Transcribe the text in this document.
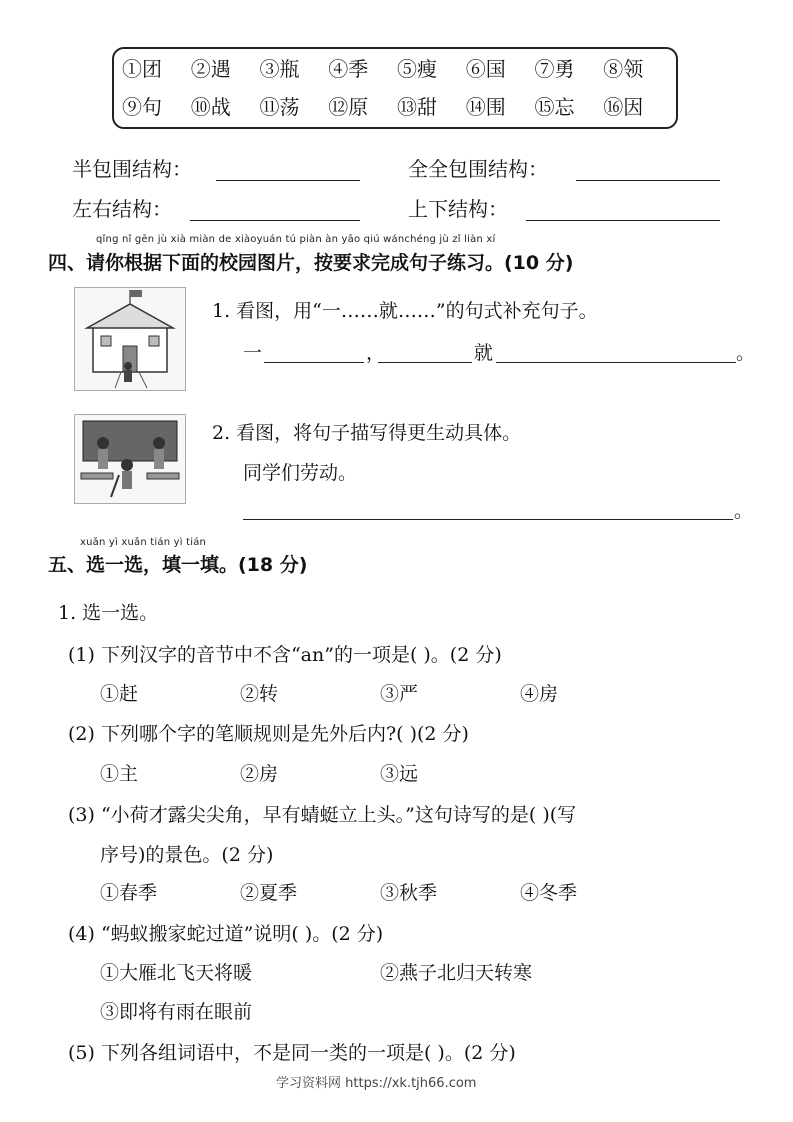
①团	②遇	③瓶	④季	⑤瘦	⑥国	⑦勇	⑧领
⑨句	⑩战	⑪荡	⑫原	⑬甜	⑭围	⑮忘	⑯因
半包围结构：	全全包围结构：
左右结构：	上下结构：
qǐng nǐ gēn jù xià miàn de xiàoyuán tú piàn àn yāo qiú wánchéng jù zǐ liàn xí
四、请你根据下面的校园图片，按要求完成句子练习。(10 分)
1. 看图，用“一……就……”的句式补充句子。
一	，	就	。
2. 看图，将句子描写得更生动具体。
同学们劳动。
。
xuǎn yì xuǎn tián yì tián
五、选一选，填一填。(18 分)
1. 选一选。
(1) 下列汉字的音节中不含“an”的一项是( )。(2 分)
①赶	②转	③严	④房
(2) 下列哪个字的笔顺规则是先外后内?( )(2 分)
①主	②房	③远
(3) “小荷才露尖尖角，早有蜻蜓立上头。”这句诗写的是( )(写
序号)的景色。(2 分)
①春季	②夏季	③秋季	④冬季
(4) “蚂蚁搬家蛇过道”说明( )。(2 分)
①大雁北飞天将暖	②燕子北归天转寒
③即将有雨在眼前
(5) 下列各组词语中，不是同一类的一项是( )。(2 分)
学习资料网 https://xk.tjh66.com
